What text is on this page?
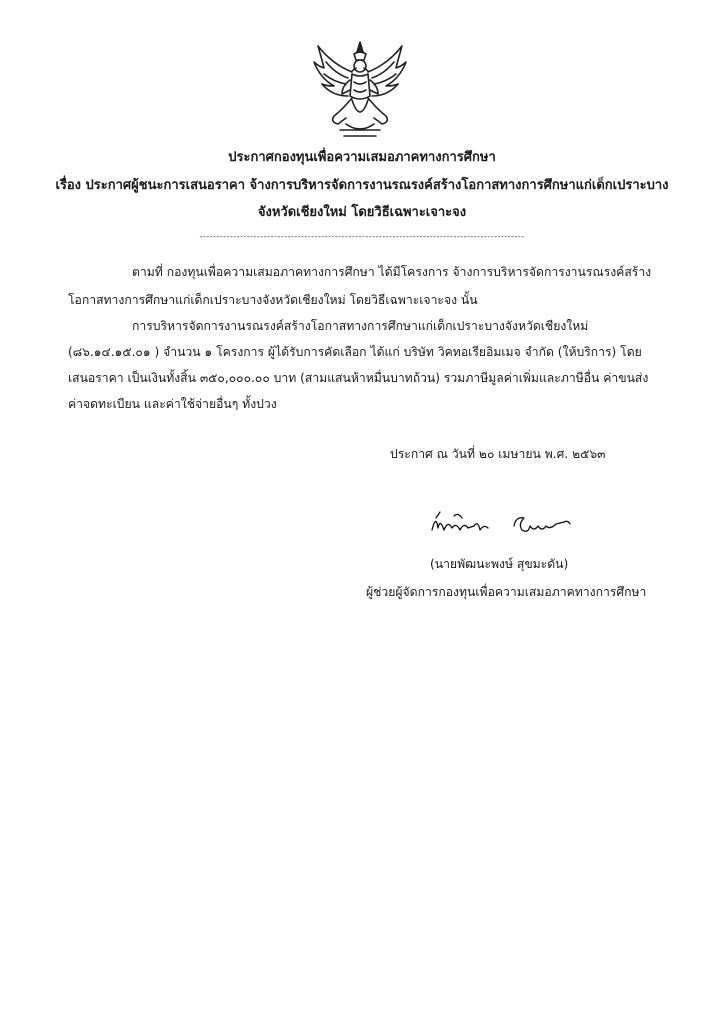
ประกาศกองทุนเพื่อความเสมอภาคทางการศึกษา
เรื่อง ประกาศผู้ชนะการเสนอราคา จ้างการบริหารจัดการงานรณรงค์สร้างโอกาสทางการศึกษาแก่เด็กเปราะบาง
จังหวัดเชียงใหม่ โดยวิธีเฉพาะเจาะจง
------------------------------------------------------------------------------------------------
ตามที่ กองทุนเพื่อความเสมอภาคทางการศึกษา ได้มีโครงการ จ้างการบริหารจัดการงานรณรงค์สร้าง
โอกาสทางการศึกษาแก่เด็กเปราะบางจังหวัดเชียงใหม่ โดยวิธีเฉพาะเจาะจง นั้น
การบริหารจัดการงานรณรงค์สร้างโอกาสทางการศึกษาแก่เด็กเปราะบางจังหวัดเชียงใหม่
(๘๖.๑๔.๑๕.๐๑ ) จำนวน ๑ โครงการ ผู้ได้รับการคัดเลือก ได้แก่ บริษัท วิคทอเรียอิมเมจ จำกัด (ให้บริการ) โดย
เสนอราคา เป็นเงินทั้งสิ้น ๓๕๐,๐๐๐.๐๐ บาท (สามแสนห้าหมื่นบาทถ้วน) รวมภาษีมูลค่าเพิ่มและภาษีอื่น ค่าขนส่ง
ค่าจดทะเบียน และค่าใช้จ่ายอื่นๆ ทั้งปวง
ประกาศ ณ วันที่ ๒๐ เมษายน พ.ศ. ๒๕๖๓
(นายพัฒนะพงษ์ สุขมะดัน)
ผู้ช่วยผู้จัดการกองทุนเพื่อความเสมอภาคทางการศึกษา
